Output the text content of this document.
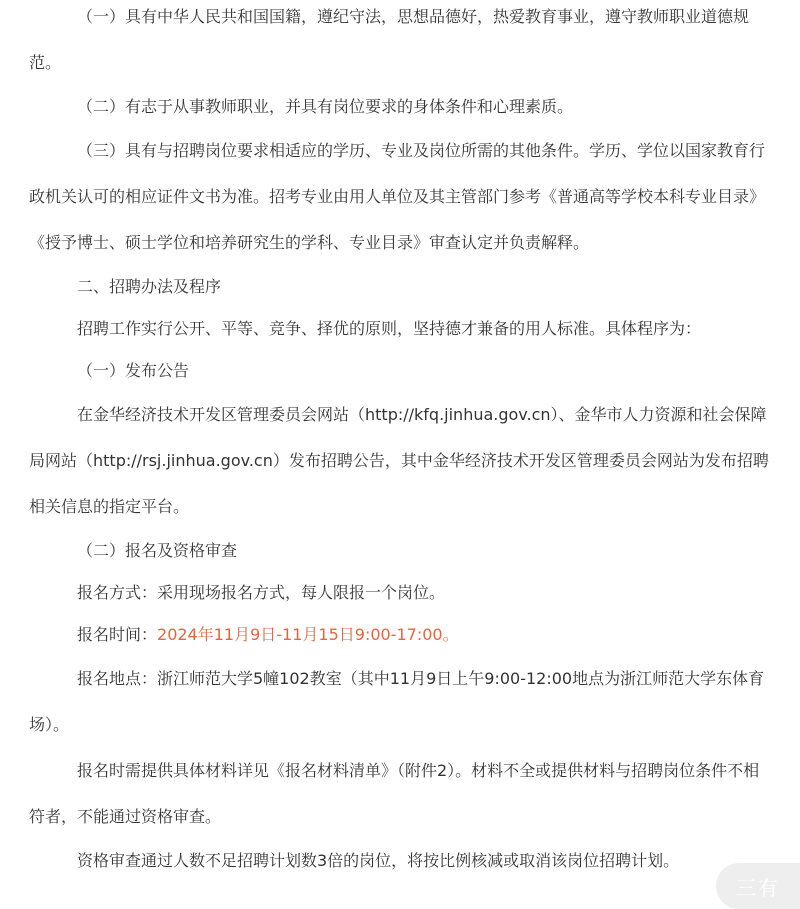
（一）具有中华人民共和国国籍，遵纪守法，思想品德好，热爱教育事业，遵守教师职业道德规范。

（二）有志于从事教师职业，并具有岗位要求的身体条件和心理素质。

（三）具有与招聘岗位要求相适应的学历、专业及岗位所需的其他条件。学历、学位以国家教育行政机关认可的相应证件文书为准。招考专业由用人单位及其主管部门参考《普通高等学校本科专业目录》《授予博士、硕士学位和培养研究生的学科、专业目录》审查认定并负责解释。

二、招聘办法及程序

招聘工作实行公开、平等、竞争、择优的原则，坚持德才兼备的用人标准。具体程序为：

（一）发布公告

在金华经济技术开发区管理委员会网站（http://kfq.jinhua.gov.cn）、金华市人力资源和社会保障局网站（http://rsj.jinhua.gov.cn）发布招聘公告，其中金华经济技术开发区管理委员会网站为发布招聘相关信息的指定平台。

（二）报名及资格审查

报名方式：采用现场报名方式，每人限报一个岗位。

报名时间：2024年11月9日-11月15日9:00-17:00。

报名地点：浙江师范大学5幢102教室（其中11月9日上午9:00-12:00地点为浙江师范大学东体育场）。

报名时需提供具体材料详见《报名材料清单》（附件2）。材料不全或提供材料与招聘岗位条件不相符者，不能通过资格审查。

资格审查通过人数不足招聘计划数3倍的岗位，将按比例核减或取消该岗位招聘计划。

三有
